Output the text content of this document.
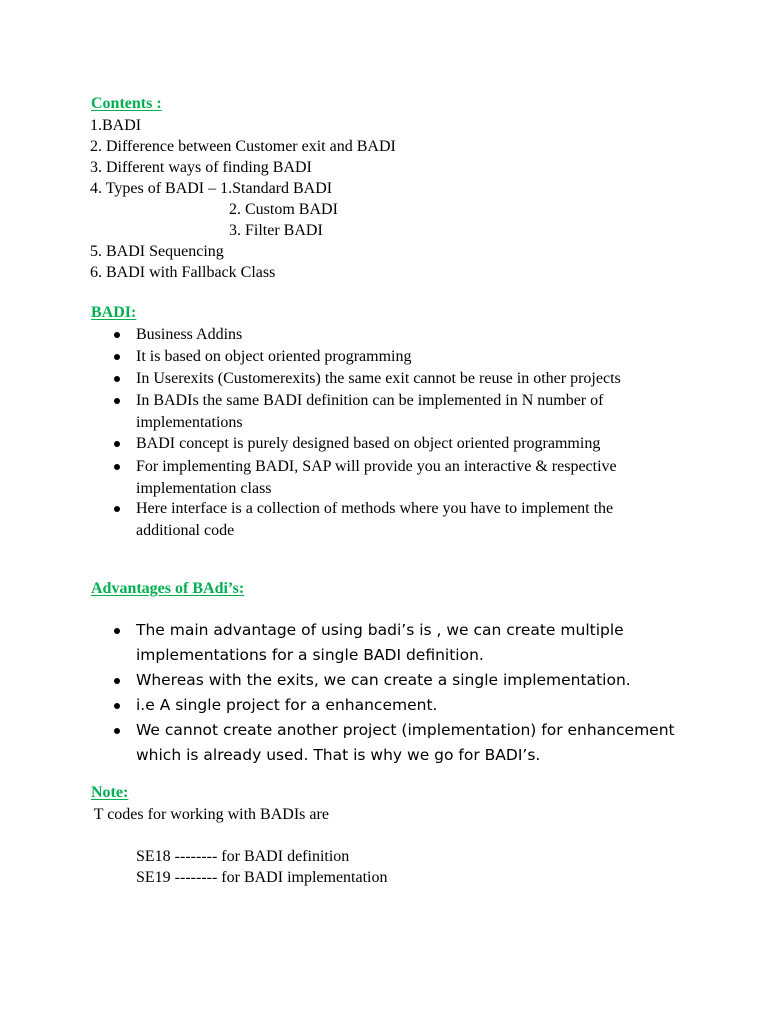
Contents :
1.BADI
2. Difference between Customer exit and BADI
3. Different ways of finding BADI
4. Types of BADI – 1.Standard BADI
2. Custom BADI
3. Filter BADI
5. BADI Sequencing
6. BADI with Fallback Class
BADI:
Business Addins
It is based on object oriented programming
In Userexits (Customerexits) the same exit cannot be reuse in other projects
In BADIs the same BADI definition can be implemented in N number of implementations
BADI concept is purely designed based on object oriented programming
For implementing BADI, SAP will provide you an interactive & respective implementation class
Here interface is a collection of methods where you have to implement the additional code
Advantages of BAdi’s:
The main advantage of using badi’s is , we can create multiple implementations for a single BADI definition.
Whereas with the exits, we can create a single implementation.
i.e A single project for a enhancement.
We cannot create another project (implementation) for enhancement which is already used. That is why we go for BADI’s.
Note:
T codes for working with BADIs are
SE18 -------- for BADI definition
SE19 -------- for BADI implementation
